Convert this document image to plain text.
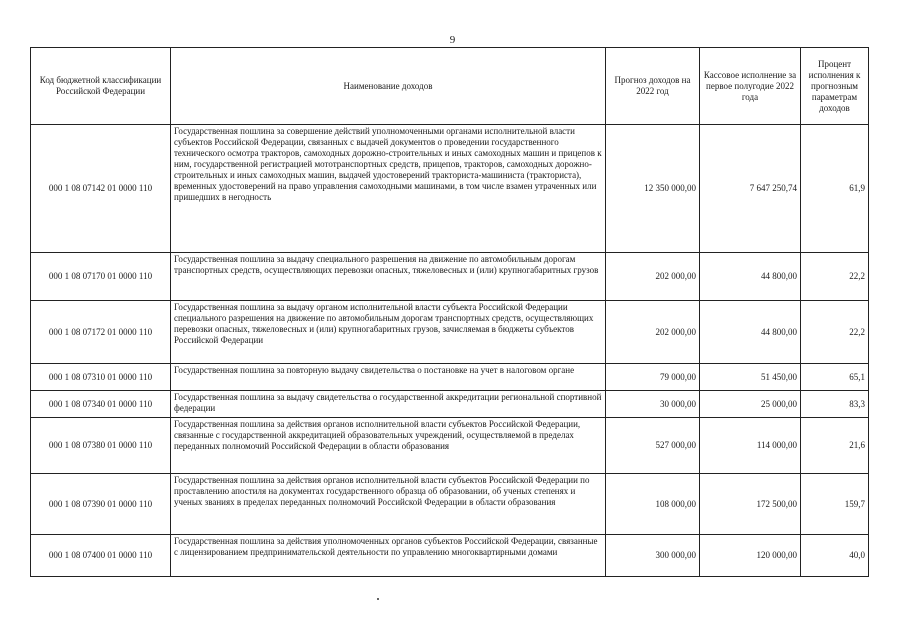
9
Код бюджетной классификации Российской Федерации	Наименование доходов	Прогноз доходов на 2022 год	Кассовое исполнение за первое полугодие 2022 года	Процент исполнения к прогнозным параметрам доходов
000 1 08 07142 01 0000 110	Государственная пошлина за совершение действий уполномоченными органами исполнительной власти субъектов Российской Федерации, связанных с выдачей документов о проведении государственного технического осмотра тракторов, самоходных дорожно-строительных и иных самоходных машин и прицепов к ним, государственной регистрацией мототранспортных средств, прицепов, тракторов, самоходных дорожно-строительных и иных самоходных машин, выдачей удостоверений тракториста-машиниста (тракториста), временных удостоверений на право управления самоходными машинами, в том числе взамен утраченных или пришедших в негодность	12 350 000,00	7 647 250,74	61,9
000 1 08 07170 01 0000 110	Государственная пошлина за выдачу специального разрешения на движение по автомобильным дорогам транспортных средств, осуществляющих перевозки опасных, тяжеловесных и (или) крупногабаритных грузов	202 000,00	44 800,00	22,2
000 1 08 07172 01 0000 110	Государственная пошлина за выдачу органом исполнительной власти субъекта Российской Федерации специального разрешения на движение по автомобильным дорогам транспортных средств, осуществляющих перевозки опасных, тяжеловесных и (или) крупногабаритных грузов, зачисляемая в бюджеты субъектов Российской Федерации	202 000,00	44 800,00	22,2
000 1 08 07310 01 0000 110	Государственная пошлина за повторную выдачу свидетельства о постановке на учет в налоговом органе	79 000,00	51 450,00	65,1
000 1 08 07340 01 0000 110	Государственная пошлина за выдачу свидетельства о государственной аккредитации региональной спортивной федерации	30 000,00	25 000,00	83,3
000 1 08 07380 01 0000 110	Государственная пошлина за действия органов исполнительной власти субъектов Российской Федерации, связанные с государственной аккредитацией образовательных учреждений, осуществляемой в пределах переданных полномочий Российской Федерации в области образования	527 000,00	114 000,00	21,6
000 1 08 07390 01 0000 110	Государственная пошлина за действия органов исполнительной власти субъектов Российской Федерации по проставлению апостиля на документах государственного образца об образовании, об ученых степенях и ученых званиях в пределах переданных полномочий Российской Федерации в области образования	108 000,00	172 500,00	159,7
000 1 08 07400 01 0000 110	Государственная пошлина за действия уполномоченных органов субъектов Российской Федерации, связанные с лицензированием предпринимательской деятельности по управлению многоквартирными домами	300 000,00	120 000,00	40,0
